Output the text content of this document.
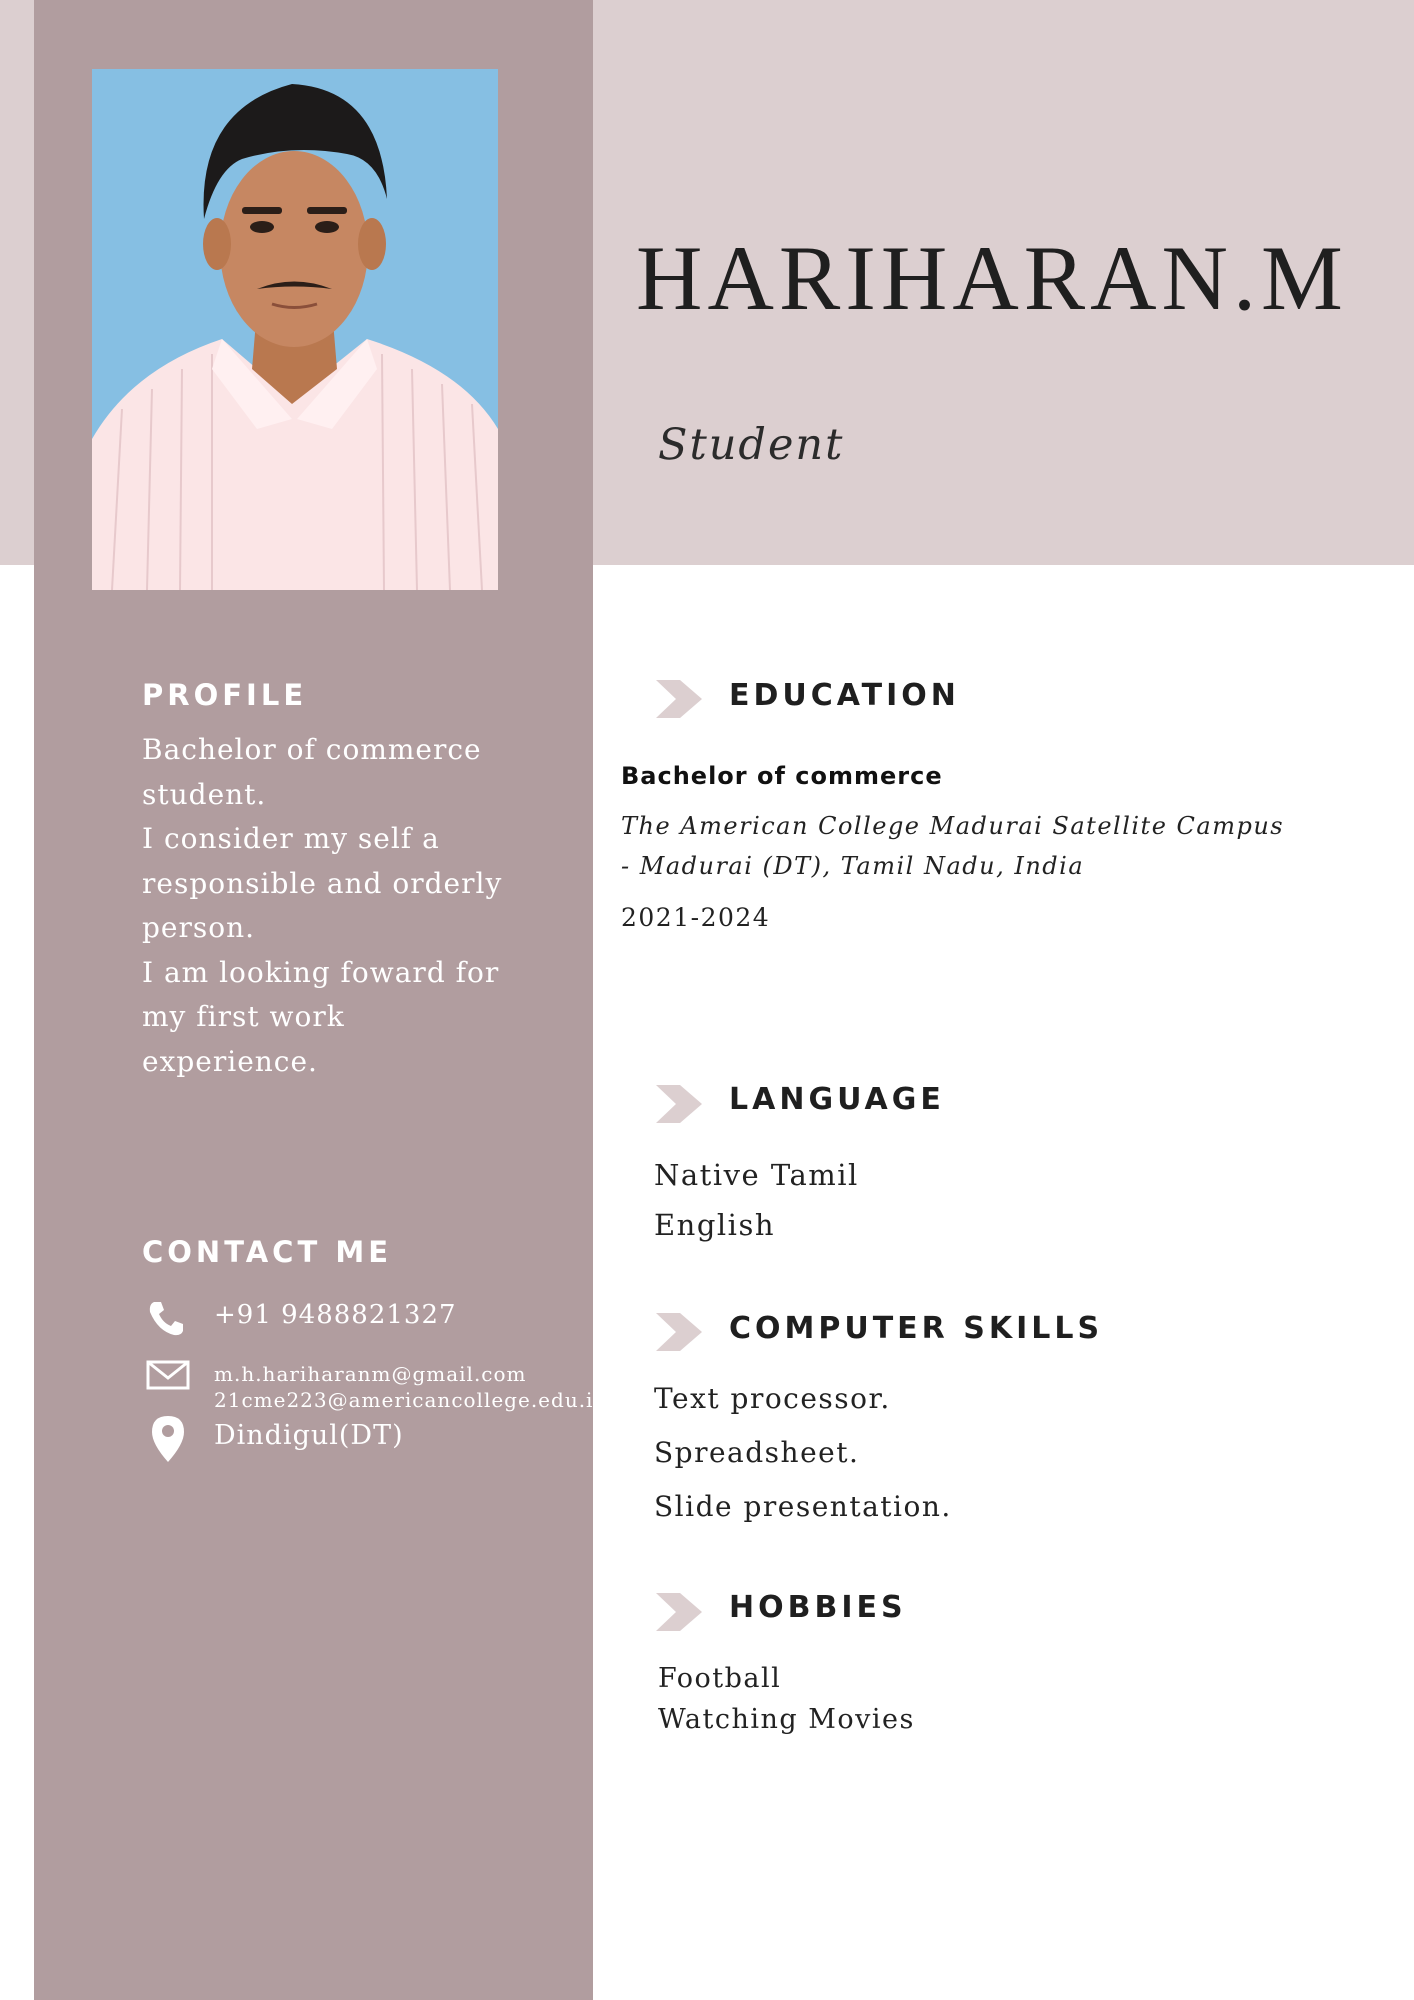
HARIHARAN.M
Student
PROFILE
Bachelor of commerce
student.
I consider my self a
responsible and orderly
person.
I am looking foward for
my first work
experience.
CONTACT ME
+91 9488821327
m.h.hariharanm@gmail.com
21cme223@americancollege.edu.in
Dindigul(DT)
EDUCATION
Bachelor of commerce
The American College Madurai Satellite Campus
- Madurai (DT), Tamil Nadu, India
2021-2024
LANGUAGE
Native Tamil
English
COMPUTER SKILLS
Text processor.
Spreadsheet.
Slide presentation.
HOBBIES
Football
Watching Movies
